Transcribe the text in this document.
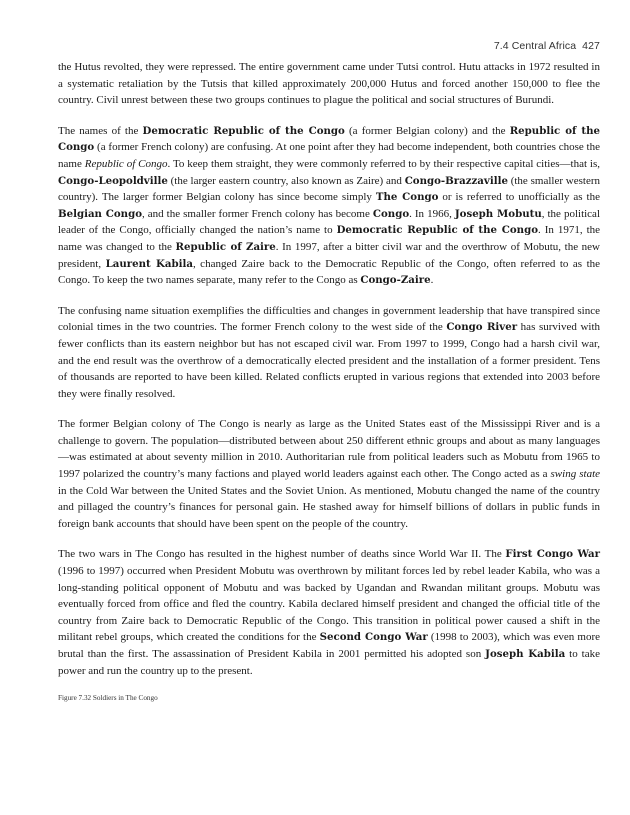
7.4 Central Africa 427

the Hutus revolted, they were repressed. The entire government came under Tutsi control. Hutu attacks in 1972 resulted in a systematic retaliation by the Tutsis that killed approximately 200,000 Hutus and forced another 150,000 to flee the country. Civil unrest between these two groups continues to plague the political and social structures of Burundi.

The names of the Democratic Republic of the Congo (a former Belgian colony) and the Republic of the Congo (a former French colony) are confusing. At one point after they had become independent, both countries chose the name Republic of Congo. To keep them straight, they were commonly referred to by their respective capital cities—that is, Congo-Leopoldville (the larger eastern country, also known as Zaire) and Congo-Brazzaville (the smaller western country). The larger former Belgian colony has since become simply The Congo or is referred to unofficially as the Belgian Congo, and the smaller former French colony has become Congo. In 1966, Joseph Mobutu, the political leader of the Congo, officially changed the nation’s name to Democratic Republic of the Congo. In 1971, the name was changed to the Republic of Zaire. In 1997, after a bitter civil war and the overthrow of Mobutu, the new president, Laurent Kabila, changed Zaire back to the Democratic Republic of the Congo, often referred to as the Congo. To keep the two names separate, many refer to the Congo as Congo-Zaire.

The confusing name situation exemplifies the difficulties and changes in government leadership that have transpired since colonial times in the two countries. The former French colony to the west side of the Congo River has survived with fewer conflicts than its eastern neighbor but has not escaped civil war. From 1997 to 1999, Congo had a harsh civil war, and the end result was the overthrow of a democratically elected president and the installation of a former president. Tens of thousands are reported to have been killed. Related conflicts erupted in various regions that extended into 2003 before they were finally resolved.

The former Belgian colony of The Congo is nearly as large as the United States east of the Mississippi River and is a challenge to govern. The population—distributed between about 250 different ethnic groups and about as many languages—was estimated at about seventy million in 2010. Authoritarian rule from political leaders such as Mobutu from 1965 to 1997 polarized the country’s many factions and played world leaders against each other. The Congo acted as a swing state in the Cold War between the United States and the Soviet Union. As mentioned, Mobutu changed the name of the country and pillaged the country’s finances for personal gain. He stashed away for himself billions of dollars in public funds in foreign bank accounts that should have been spent on the people of the country.

The two wars in The Congo has resulted in the highest number of deaths since World War II. The First Congo War (1996 to 1997) occurred when President Mobutu was overthrown by militant forces led by rebel leader Kabila, who was a long-standing political opponent of Mobutu and was backed by Ugandan and Rwandan militant groups. Mobutu was eventually forced from office and fled the country. Kabila declared himself president and changed the official title of the country from Zaire back to Democratic Republic of the Congo. This transition in political power caused a shift in the militant rebel groups, which created the conditions for the Second Congo War (1998 to 2003), which was even more brutal than the first. The assassination of President Kabila in 2001 permitted his adopted son Joseph Kabila to take power and run the country up to the present.

Figure 7.32 Soldiers in The Congo
